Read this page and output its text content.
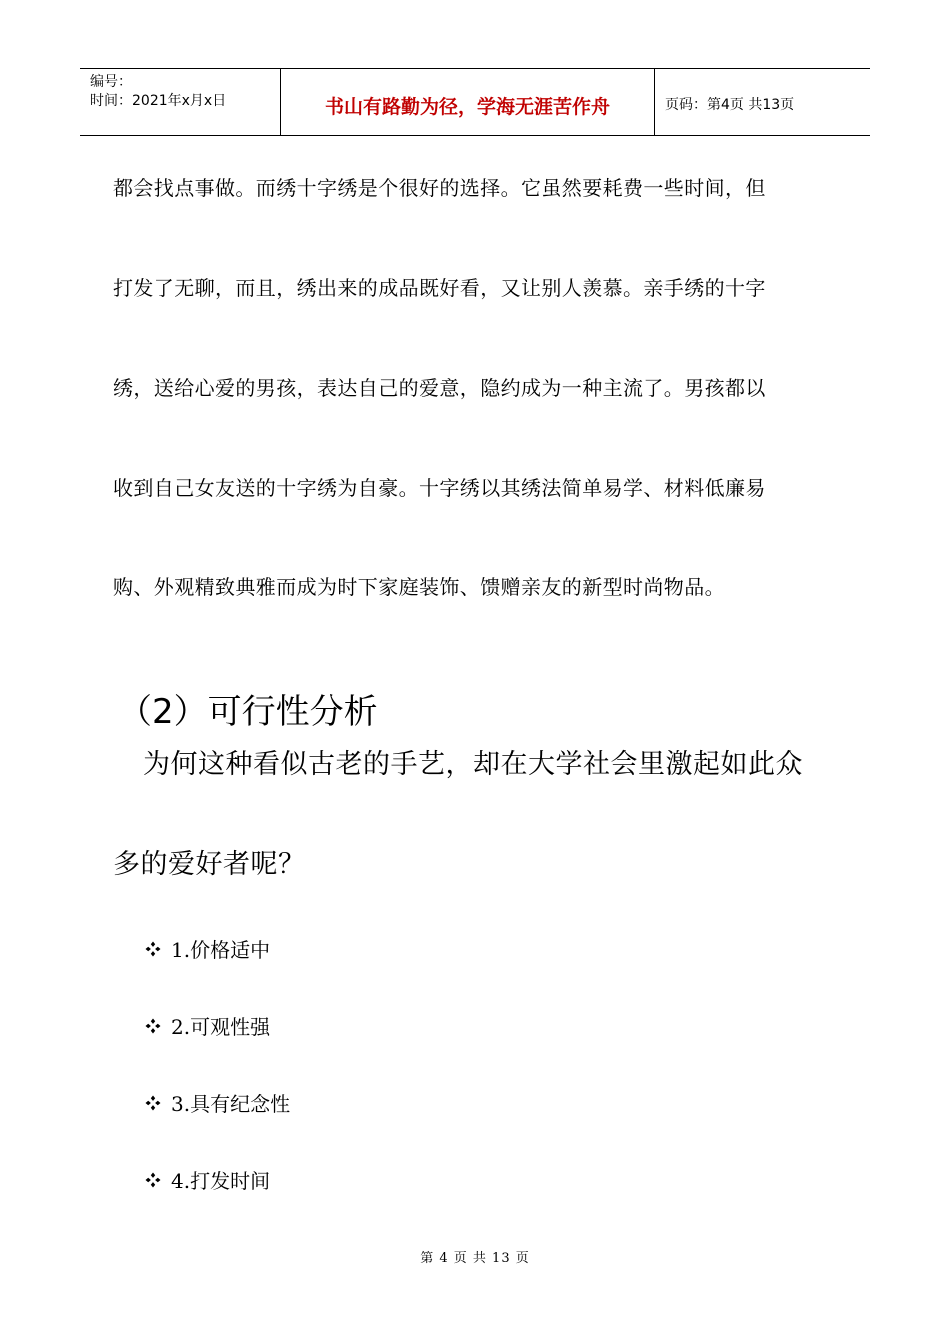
编号：
时间：2021年x月x日	书山有路勤为径，学海无涯苦作舟	页码：第4页 共13页
都会找点事做。而绣十字绣是个很好的选择。它虽然要耗费一些时间，但
打发了无聊，而且，绣出来的成品既好看，又让别人羡慕。亲手绣的十字
绣，送给心爱的男孩，表达自己的爱意，隐约成为一种主流了。男孩都以
收到自己女友送的十字绣为自豪。十字绣以其绣法简单易学、材料低廉易
购、外观精致典雅而成为时下家庭装饰、馈赠亲友的新型时尚物品。
（2）可行性分析
为何这种看似古老的手艺，却在大学社会里激起如此众
多的爱好者呢？
1.价格适中
2.可观性强
3.具有纪念性
4.打发时间
第 4 页 共 13 页
